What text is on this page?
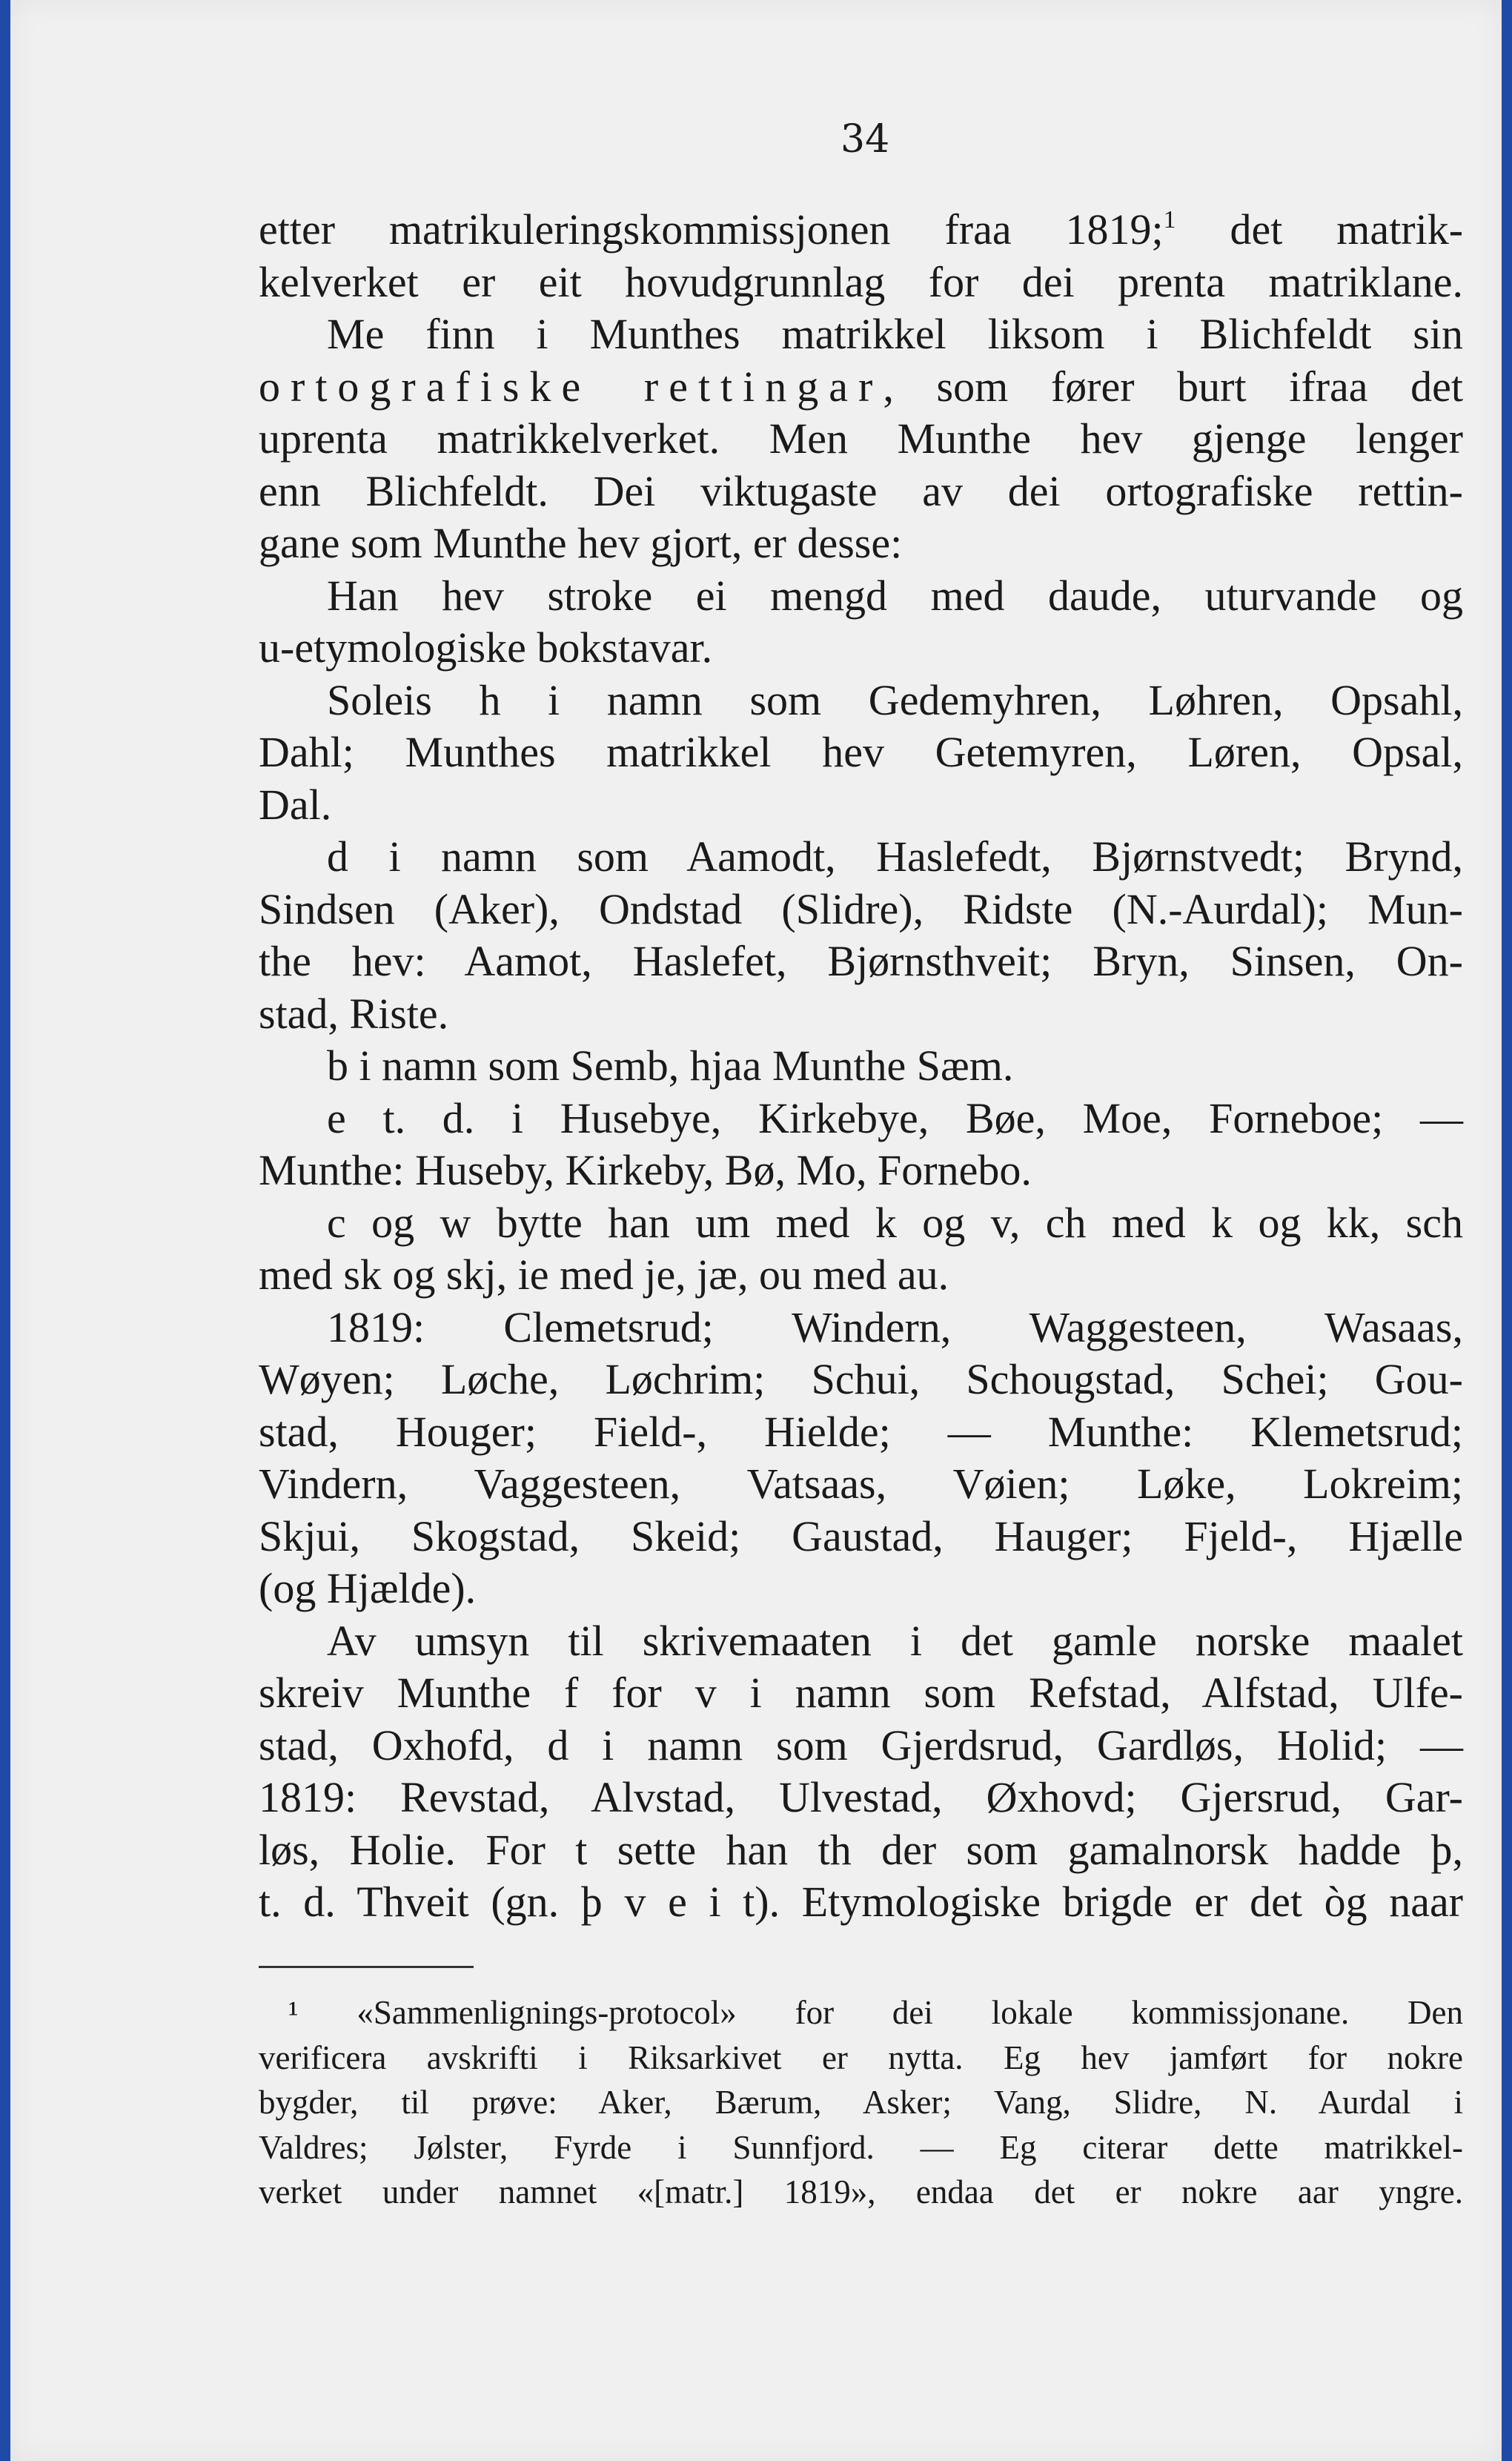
34
etter matrikuleringskommissjonen fraa 1819;$^1$ det matrik-
kelverket er eit hovudgrunnlag for dei prenta matriklane.
Me finn i Munthes matrikkel liksom i Blichfeldt sin
ortografiske rettingar, som fører burt ifraa det
uprenta matrikkelverket. Men Munthe hev gjenge lenger
enn Blichfeldt. Dei viktugaste av dei ortografiske rettin-
gane som Munthe hev gjort, er desse:
Han hev stroke ei mengd med daude, uturvande og
u-etymologiske bokstavar.
Soleis h i namn som Gedemyhren, Løhren, Opsahl,
Dahl; Munthes matrikkel hev Getemyren, Løren, Opsal,
Dal.
d i namn som Aamodt, Haslefedt, Bjørnstvedt; Brynd,
Sindsen (Aker), Ondstad (Slidre), Ridste (N.-Aurdal); Mun-
the hev: Aamot, Haslefet, Bjørnsthveit; Bryn, Sinsen, On-
stad, Riste.
b i namn som Semb, hjaa Munthe Sæm.
e t. d. i Husebye, Kirkebye, Bøe, Moe, Forneboe; —
Munthe: Huseby, Kirkeby, Bø, Mo, Fornebo.
c og w bytte han um med k og v, ch med k og kk, sch
med sk og skj, ie med je, jæ, ou med au.
1819: Clemetsrud; Windern, Waggesteen, Wasaas,
Wøyen; Løche, Løchrim; Schui, Schougstad, Schei; Gou-
stad, Houger; Field-, Hielde; — Munthe: Klemetsrud;
Vindern, Vaggesteen, Vatsaas, Vøien; Løke, Lokreim;
Skjui, Skogstad, Skeid; Gaustad, Hauger; Fjeld-, Hjælle
(og Hjælde).
Av umsyn til skrivemaaten i det gamle norske maalet
skreiv Munthe f for v i namn som Refstad, Alfstad, Ulfe-
stad, Oxhofd, d i namn som Gjerdsrud, Gardløs, Holid; —
1819: Revstad, Alvstad, Ulvestad, Øxhovd; Gjersrud, Gar-
løs, Holie. For t sette han th der som gamalnorsk hadde þ,
t. d. Thveit (gn. þ v e i t). Etymologiske brigde er det òg naar
¹ «Sammenlignings-protocol» for dei lokale kommissjonane. Den
verificera avskrifti i Riksarkivet er nytta. Eg hev jamført for nokre
bygder, til prøve: Aker, Bærum, Asker; Vang, Slidre, N. Aurdal i
Valdres; Jølster, Fyrde i Sunnfjord. — Eg citerar dette matrikkel-
verket under namnet «[matr.] 1819», endaa det er nokre aar yngre.
